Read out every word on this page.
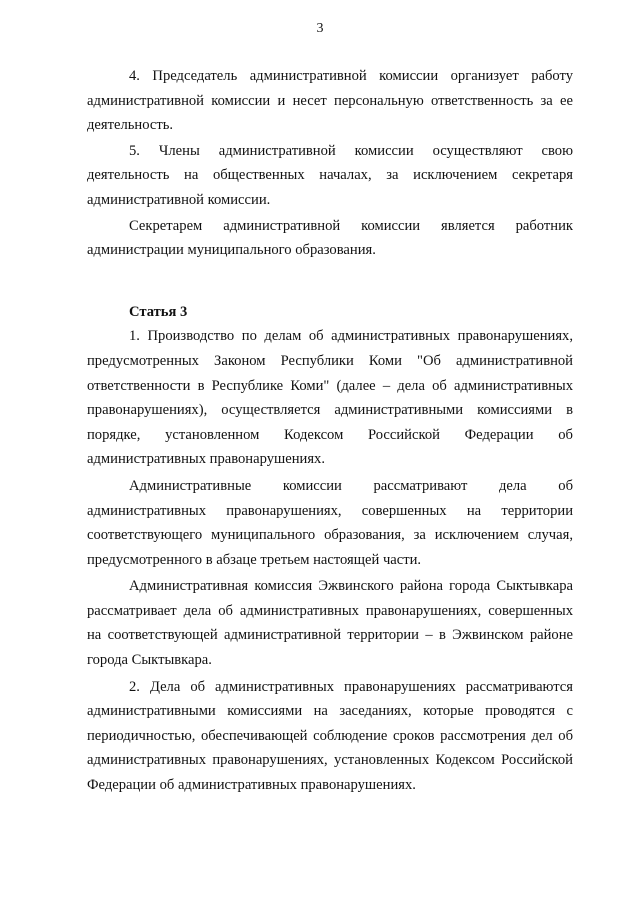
3

4. Председатель административной комиссии организует работу административной комиссии и несет персональную ответственность за ее деятельность.

5. Члены административной комиссии осуществляют свою деятельность на общественных началах, за исключением секретаря административной комиссии.

Секретарем административной комиссии является работник администрации муниципального образования.

Статья 3

1. Производство по делам об административных правонарушениях, предусмотренных Законом Республики Коми "Об административной ответственности в Республике Коми" (далее – дела об административных правонарушениях), осуществляется административными комиссиями в порядке, установленном Кодексом Российской Федерации об административных правонарушениях.

Административные комиссии рассматривают дела об административных правонарушениях, совершенных на территории соответствующего муниципального образования, за исключением случая, предусмотренного в абзаце третьем настоящей части.

Административная комиссия Эжвинского района города Сыктывкара рассматривает дела об административных правонарушениях, совершенных на соответствующей административной территории – в Эжвинском районе города Сыктывкара.

2. Дела об административных правонарушениях рассматриваются административными комиссиями на заседаниях, которые проводятся с периодичностью, обеспечивающей соблюдение сроков рассмотрения дел об административных правонарушениях, установленных Кодексом Российской Федерации об административных правонарушениях.
